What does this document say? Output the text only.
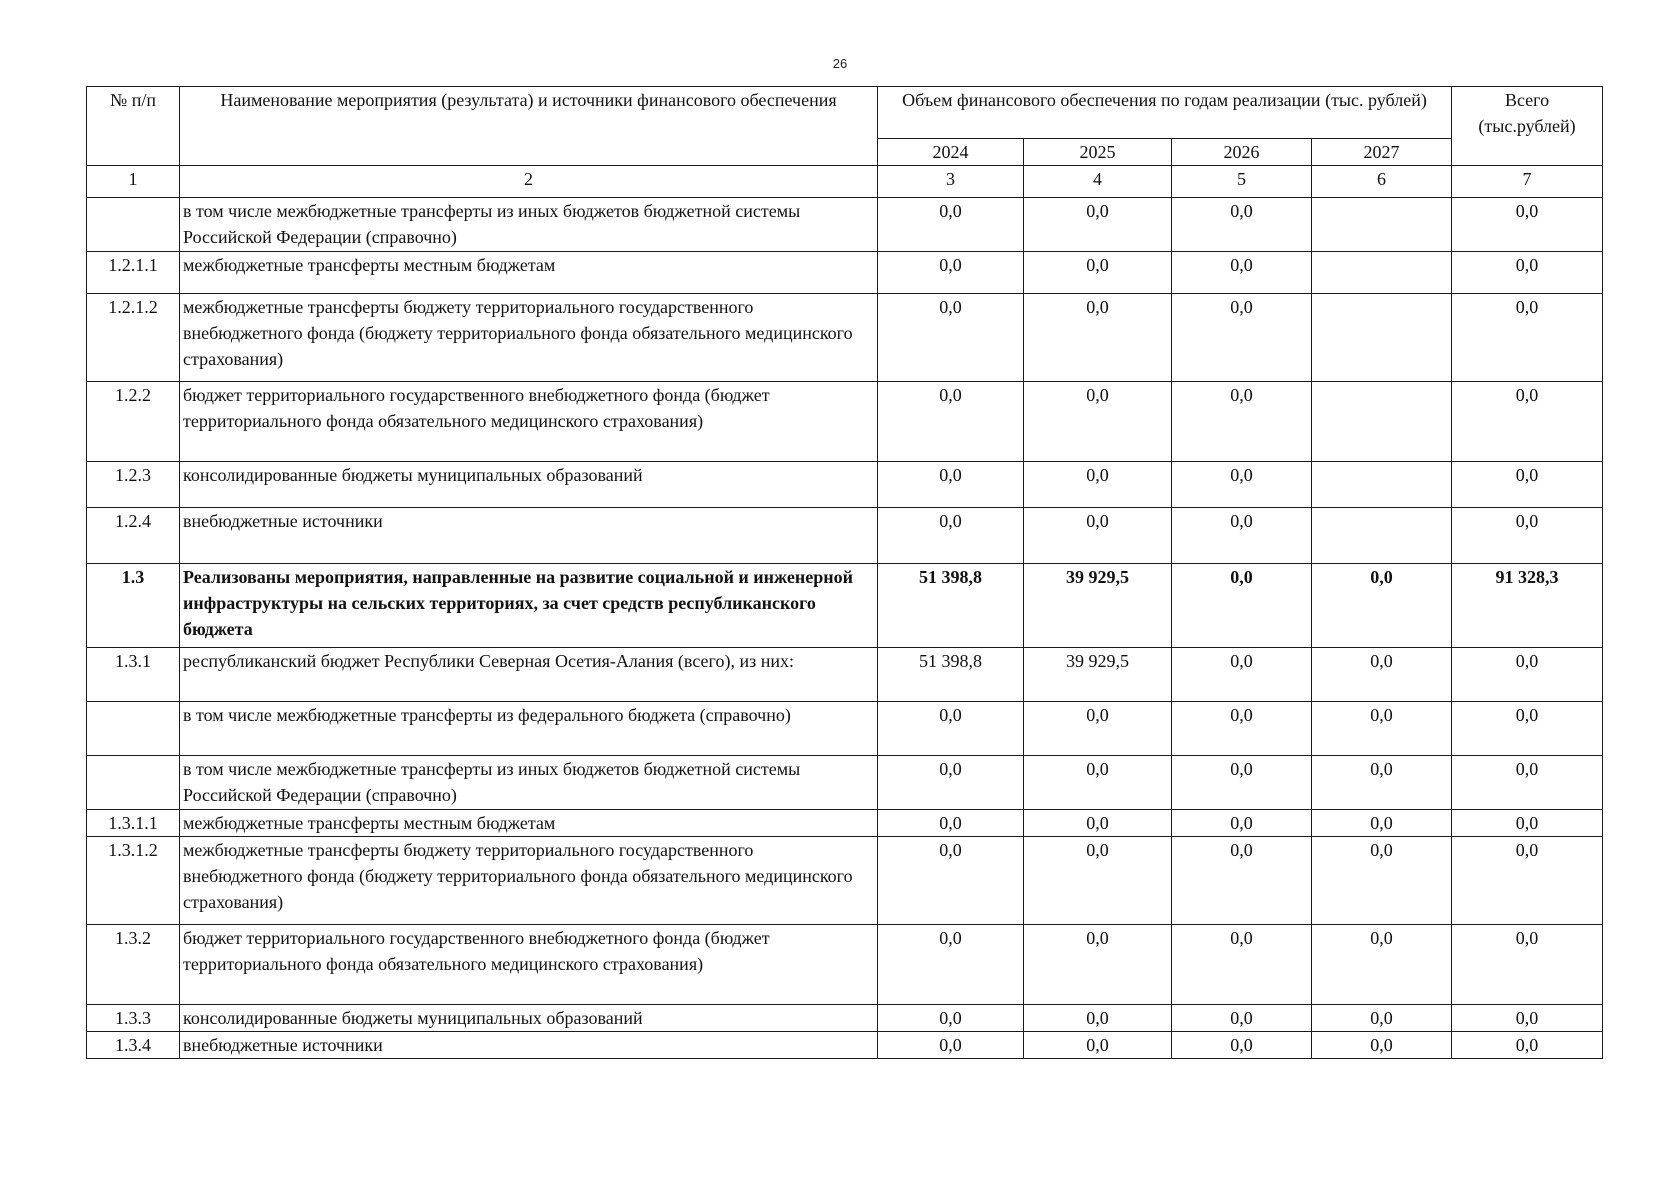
26
№ п/п	Наименование мероприятия (результата) и источники финансового обеспечения	Объем финансового обеспечения по годам реализации (тыс. рублей)				Всего (тыс.рублей)
		2024	2025	2026	2027	
1	2	3	4	5	6	7
	в том числе межбюджетные трансферты из иных бюджетов бюджетной системы Российской Федерации (справочно)	0,0	0,0	0,0		0,0
1.2.1.1	межбюджетные трансферты местным бюджетам	0,0	0,0	0,0		0,0
1.2.1.2	межбюджетные трансферты бюджету территориального государственного внебюджетного фонда (бюджету территориального фонда обязательного медицинского страхования)	0,0	0,0	0,0		0,0
1.2.2	бюджет территориального государственного внебюджетного фонда (бюджет территориального фонда обязательного медицинского страхования)	0,0	0,0	0,0		0,0
1.2.3	консолидированные бюджеты муниципальных образований	0,0	0,0	0,0		0,0
1.2.4	внебюджетные источники	0,0	0,0	0,0		0,0
1.3	Реализованы мероприятия, направленные на развитие социальной и инженерной инфраструктуры на сельских территориях, за счет средств республиканского бюджета	51 398,8	39 929,5	0,0	0,0	91 328,3
1.3.1	республиканский бюджет Республики Северная Осетия-Алания (всего), из них:	51 398,8	39 929,5	0,0	0,0	0,0
	в том числе межбюджетные трансферты из федерального бюджета (справочно)	0,0	0,0	0,0	0,0	0,0
	в том числе межбюджетные трансферты из иных бюджетов бюджетной системы Российской Федерации (справочно)	0,0	0,0	0,0	0,0	0,0
1.3.1.1	межбюджетные трансферты местным бюджетам	0,0	0,0	0,0	0,0	0,0
1.3.1.2	межбюджетные трансферты бюджету территориального государственного внебюджетного фонда (бюджету территориального фонда обязательного медицинского страхования)	0,0	0,0	0,0	0,0	0,0
1.3.2	бюджет территориального государственного внебюджетного фонда (бюджет территориального фонда обязательного медицинского страхования)	0,0	0,0	0,0	0,0	0,0
1.3.3	консолидированные бюджеты муниципальных образований	0,0	0,0	0,0	0,0	0,0
1.3.4	внебюджетные источники	0,0	0,0	0,0	0,0	0,0
